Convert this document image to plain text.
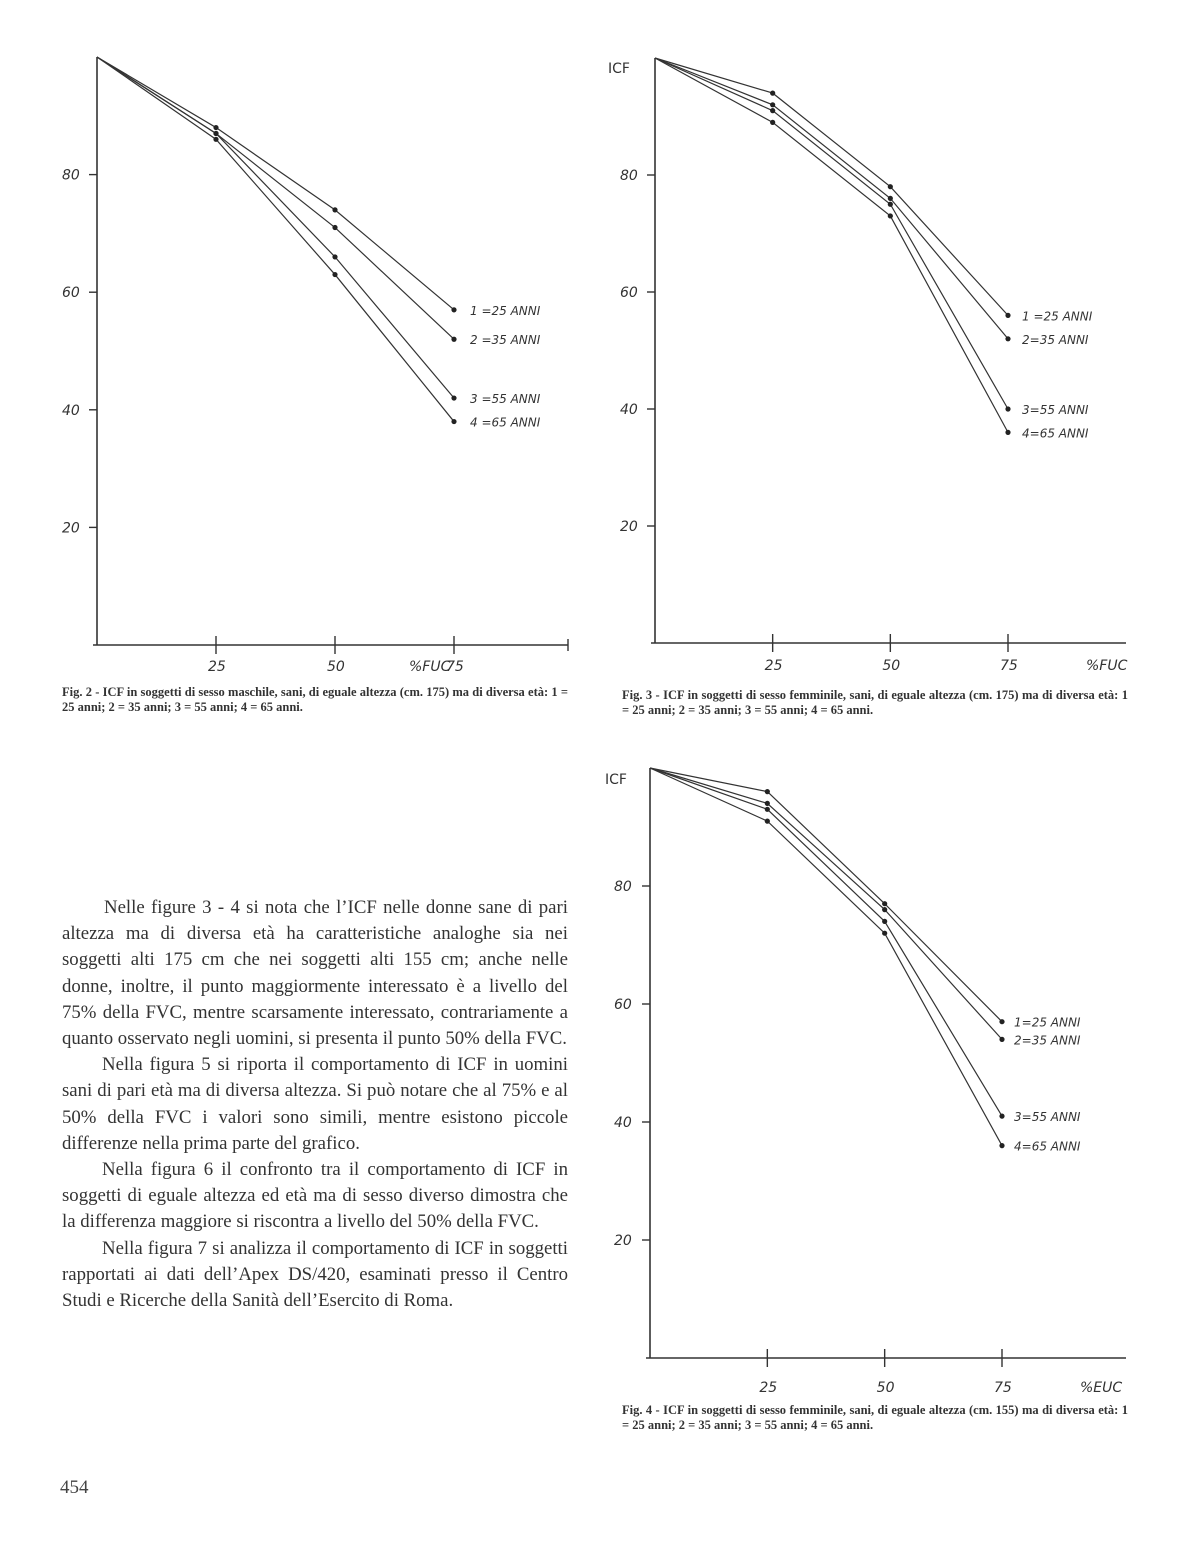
20
40
60
80
25	50	75
%FUC
1 =25 ANNI
2 =35 ANNI
3 =55 ANNI
4 =65 ANNI

Fig. 2 - ICF in soggetti di sesso maschile, sani, di eguale altezza (cm. 175) ma di diversa età: 1 = 25 anni; 2 = 35 anni; 3 = 55 anni; 4 = 65 anni.

20
40
60
80
25	50	75	%FUC
ICF
1 =25 ANNI
2=35 ANNI
3=55 ANNI
4=65 ANNI

Fig. 3 - ICF in soggetti di sesso femminile, sani, di eguale altezza (cm. 175) ma di diversa età: 1 = 25 anni; 2 = 35 anni; 3 = 55 anni; 4 = 65 anni.

20
40
60
80
25	50	75	%EUC
ICF
1=25 ANNI
2=35 ANNI
3=55 ANNI
4=65 ANNI

Fig. 4 - ICF in soggetti di sesso femminile, sani, di eguale altezza (cm. 155) ma di diversa età: 1 = 25 anni; 2 = 35 anni; 3 = 55 anni; 4 = 65 anni.

Nelle figure 3 - 4 si nota che l’ICF nelle donne sane di pari altezza ma di diversa età ha caratteristiche analoghe sia nei soggetti alti 175 cm che nei soggetti alti 155 cm; anche nelle donne, inoltre, il punto maggiormente interessato è a livello del 75% della FVC, mentre scarsamente interessato, contrariamente a quanto osservato negli uomini, si presenta il punto 50% della FVC.

Nella figura 5 si riporta il comportamento di ICF in uomini sani di pari età ma di diversa altezza. Si può notare che al 75% e al 50% della FVC i valori sono simili, mentre esistono piccole differenze nella prima parte del grafico.

Nella figura 6 il confronto tra il comportamento di ICF in soggetti di eguale altezza ed età ma di sesso diverso dimostra che la differenza maggiore si riscontra a livello del 50% della FVC.

Nella figura 7 si analizza il comportamento di ICF in soggetti rapportati ai dati dell’Apex DS/420, esaminati presso il Centro Studi e Ricerche della Sanità dell’Esercito di Roma.

454
